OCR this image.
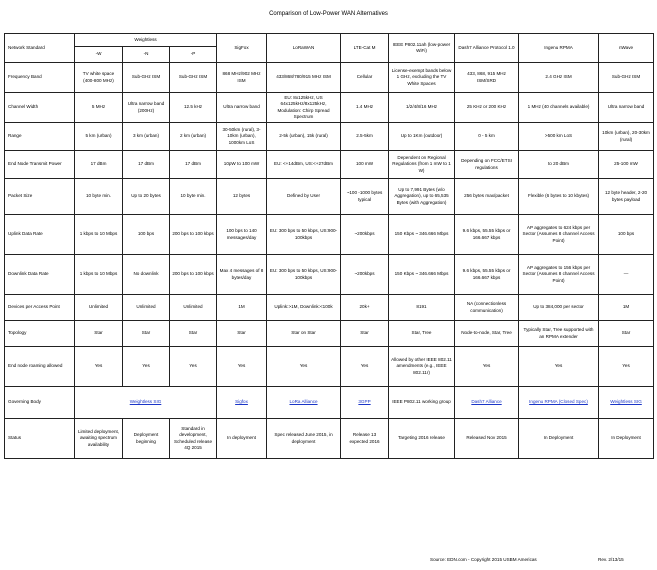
Comparison of Low-Power WAN Alternatives
Network Standard	Weightless			SigFox	LoRaWAN	LTE-Cat M	IEEE P802.11ah (low-power WiFi)	Dash7 Alliance Protocol 1.0	Ingenu RPMA	nWave
	-W	-N	-P							
Frequency Band	TV white space (400-800 MHz)	Sub-GHz ISM	Sub-GHz ISM	868 MHz/902 MHz ISM	433/868/780/915 MHz ISM	Cellular	License-exempt bands below 1 GHz, excluding the TV White Spaces	433, 868, 915 MHz ISM/SRD	2.4 GHz ISM	Sub-GHz ISM
Channel Width	5 MHz	Ultra narrow band (200Hz)	12.5 kHz	Ultra narrow band	EU: 8x125kHz, US 64x125kHz/8x125kHz, Modulation: Chirp Spread Spectrum	1.4 MHz	1/2/4/8/16 MHz	25 KHz or 200 KHz	1 MHz (40 channels available)	Ultra narrow band
Range	5 km (urban)	3 km (urban)	2 km (urban)	30-50km (rural), 3-10km (urban), 1000km LoS	2-5k (urban), 15k (rural)	2.5-5km	Up to 1Km (outdoor)	0 - 5 km	>500 km LoS	10km (urban), 20-30km (rural)
End Node Transmit Power	17 dBm	17 dBm	17 dBm	10pW to 100 mW	EU: <+14dBm, US:<+27dBm	100 mW	Dependent on Regional Regulations (from 1 mW to 1 W)	Depending on FCC/ETSI regulations	to 20 dBm	25-100 mW
Packet Size	10 byte min.	Up to 20 bytes	10 byte min.	12 bytes	Defined by User	~100 -1000 bytes typical	Up to 7,991 Bytes (w/o Aggregation), up to 65,535 Bytes (with Aggregation)	256 bytes max/packet	Flexible (6 bytes to 10 kbytes)	12 byte header, 2-20 bytes payload
Uplink Data Rate	1 kbps to 10 Mbps	100 bps	200 bps to 100 kbps	100 bps to 140 messages/day	EU: 300 bps to 50 kbps, US:900-100kbps	~200kbps	150 Kbps ~ 346.666 Mbps	9.6 kbps, 55.55 kbps or 166.667 kbps	AP aggregates to 624 kbps per Sector (Assumes 8 channel Access Point)	100 bps
Downlink Data Rate	1 kbps to 10 Mbps	No downlink	200 bps to 100 kbps	Max 4 messages of 8 bytes/day	EU: 300 bps to 50 kbps, US:900-100kbps	~200kbps	150 Kbps ~ 346.666 Mbps	9.6 kbps, 55.55 kbps or 166.667 kbps	AP aggregates to 156 kbps per Sector (Assumes 8 channel Access Point)	—
Devices per Access Point	Unlimited	Unlimited	Unlimited	1M	Uplink:>1M, Downlink:<100k	20k+	8191	NA (connectionless communication)	Up to 384,000 per sector	1M
Topology	Star	Star	Star	Star	Star on Star	Star	Star, Tree	Node-to-node, Star, Tree	Typically Star, Tree supported with an RPMA extender	Star
End node roaming allowed	Yes	Yes	Yes	Yes	Yes	Yes	Allowed by other IEEE 802.11 amendments (e.g., IEEE 802.11r)	Yes	Yes	Yes
Governing Body	Weightless SIG			Sigfox	LoRa Alliance	3GPP	IEEE P802.11 working group	Dash7 Alliance	Ingenu RPMA (Closed Spec)	Weightless SIG
Status	Limited deployment, awaiting spectrum availability	Deployment beginning	Standard in development, Scheduled release 4Q 2015	In deployment	Spec released June 2015, in deployment	Release 13 expected 2016	Targeting 2016 release	Released Nov 2015	In Deployment	In Deployment
Source: EDN.com - Copyright 2015 USBM Americas	Rev. 2/13/15
